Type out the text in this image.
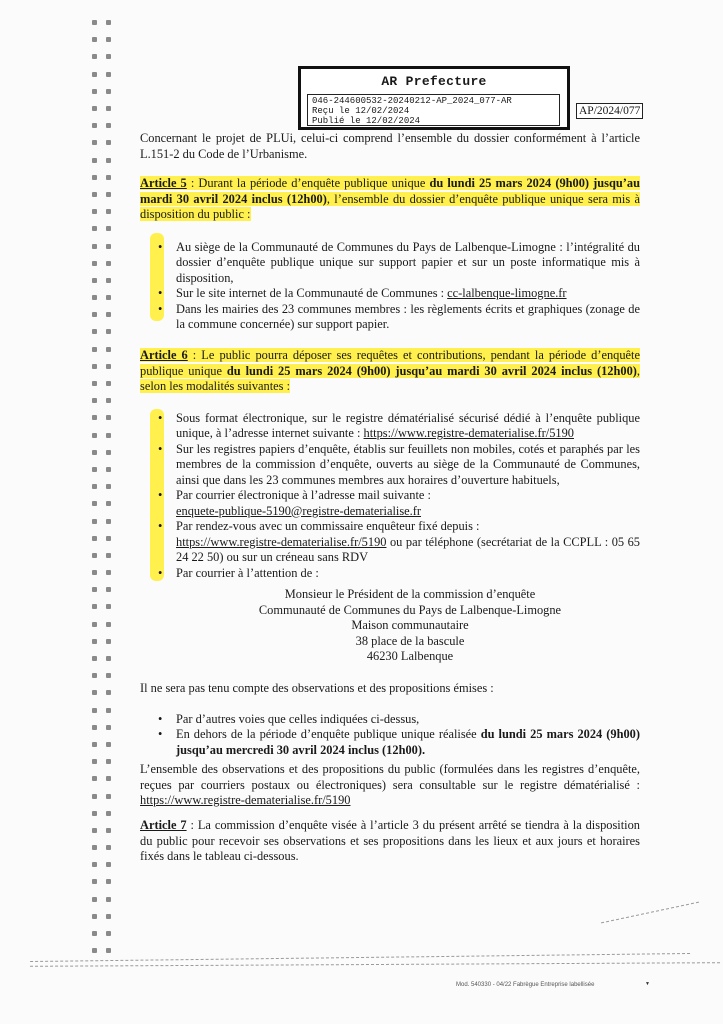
AR Prefecture
046-244600532-20240212-AP_2024_077-AR
Reçu le 12/02/2024
Publié le 12/02/2024
AP/2024/077

Concernant le projet de PLUi, celui-ci comprend l’ensemble du dossier conformément à l’article L.151-2 du Code de l’Urbanisme.

Article 5 : Durant la période d’enquête publique unique du lundi 25 mars 2024 (9h00) jusqu’au mardi 30 avril 2024 inclus (12h00), l’ensemble du dossier d’enquête publique unique sera mis à disposition du public :

• Au siège de la Communauté de Communes du Pays de Lalbenque-Limogne : l’intégralité du dossier d’enquête publique unique sur support papier et sur un poste informatique mis à disposition,
• Sur le site internet de la Communauté de Communes : cc-lalbenque-limogne.fr
• Dans les mairies des 23 communes membres : les règlements écrits et graphiques (zonage de la commune concernée) sur support papier.

Article 6 : Le public pourra déposer ses requêtes et contributions, pendant la période d’enquête publique unique du lundi 25 mars 2024 (9h00) jusqu’au mardi 30 avril 2024 inclus (12h00), selon les modalités suivantes :

• Sous format électronique, sur le registre dématérialisé sécurisé dédié à l’enquête publique unique, à l’adresse internet suivante : https://www.registre-dematerialise.fr/5190
• Sur les registres papiers d’enquête, établis sur feuillets non mobiles, cotés et paraphés par les membres de la commission d’enquête, ouverts au siège de la Communauté de Communes, ainsi que dans les 23 communes membres aux horaires d’ouverture habituels,
• Par courrier électronique à l’adresse mail suivante :
enquete-publique-5190@registre-dematerialise.fr
• Par rendez-vous avec un commissaire enquêteur fixé depuis :
https://www.registre-dematerialise.fr/5190 ou par téléphone (secrétariat de la CCPLL : 05 65 24 22 50) ou sur un créneau sans RDV
• Par courrier à l’attention de :
Monsieur le Président de la commission d’enquête
Communauté de Communes du Pays de Lalbenque-Limogne
Maison communautaire
38 place de la bascule
46230 Lalbenque

Il ne sera pas tenu compte des observations et des propositions émises :

• Par d’autres voies que celles indiquées ci-dessus,
• En dehors de la période d’enquête publique unique réalisée du lundi 25 mars 2024 (9h00) jusqu’au mercredi 30 avril 2024 inclus (12h00).

L’ensemble des observations et des propositions du public (formulées dans les registres d’enquête, reçues par courriers postaux ou électroniques) sera consultable sur le registre dématérialisé : https://www.registre-dematerialise.fr/5190

Article 7 : La commission d’enquête visée à l’article 3 du présent arrêté se tiendra à la disposition du public pour recevoir ses observations et ses propositions dans les lieux et aux jours et horaires fixés dans le tableau ci-dessous.

Mod. 540330 - 04/22 Fabrègue Entreprise labellisée	▼
